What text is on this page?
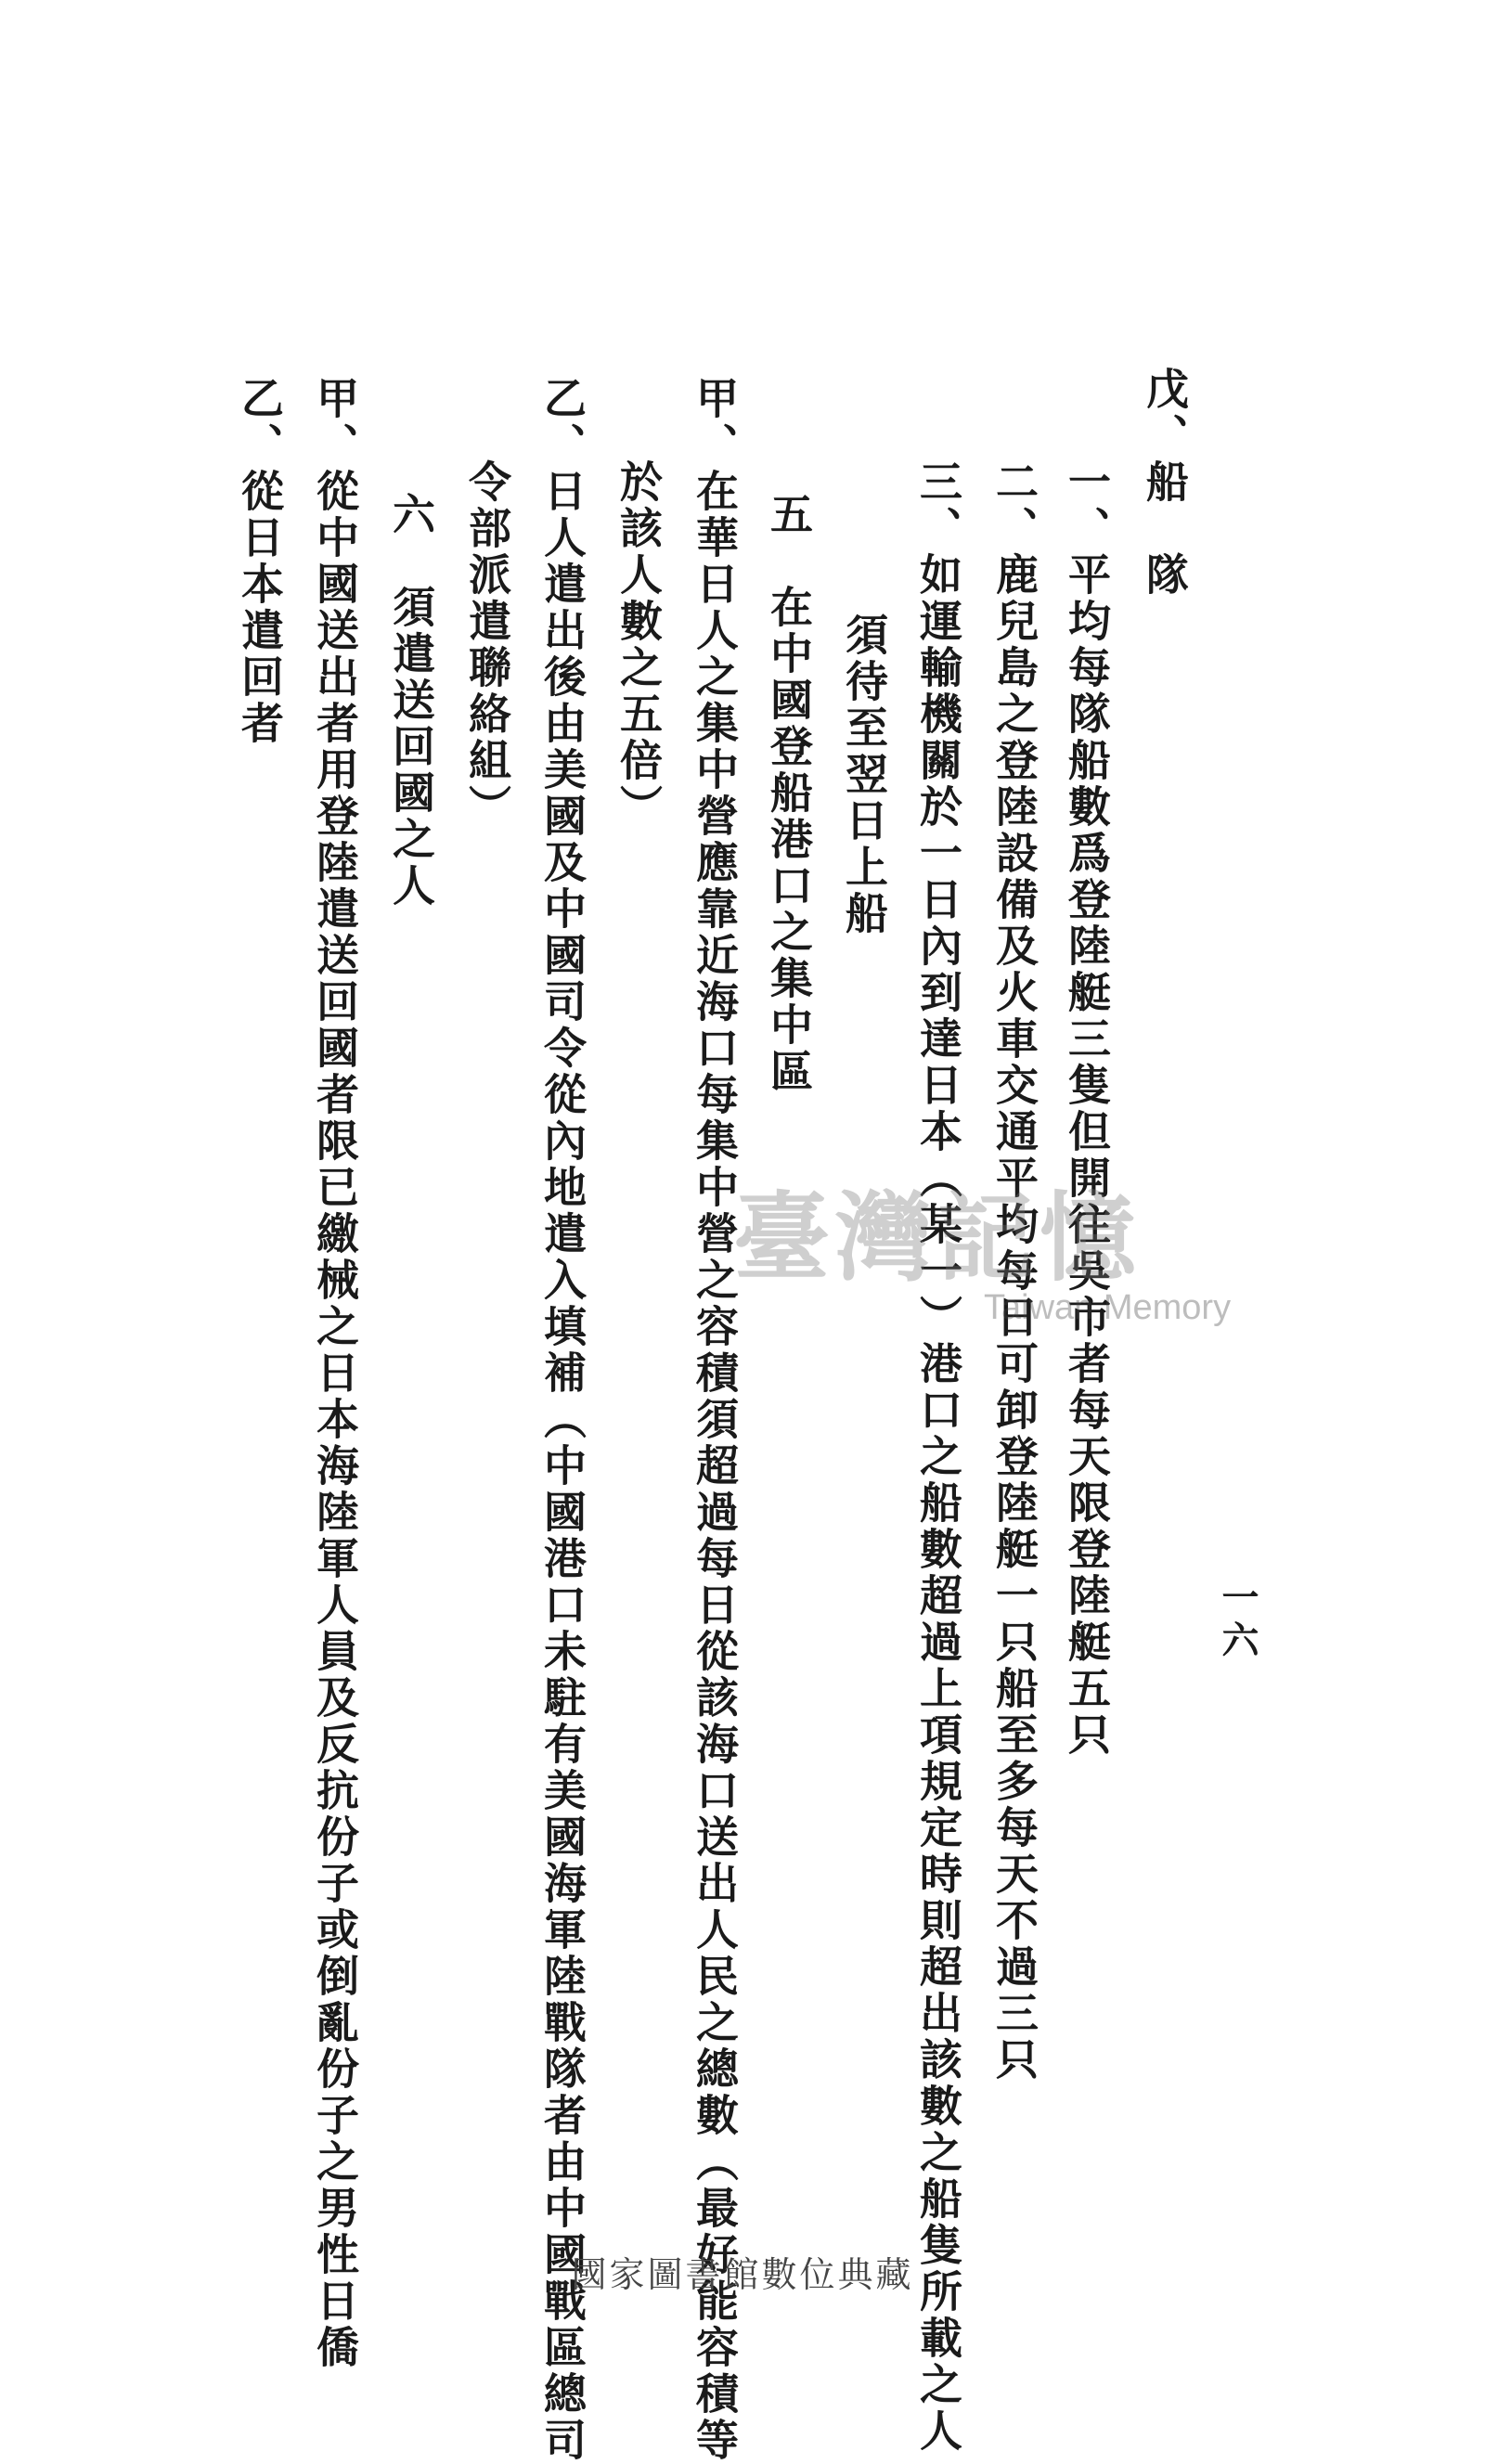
一六
戊、船　隊
一、平均每隊船數爲登陸艇三隻但開往吳市者每天限登陸艇五只
二、鹿兒島之登陸設備及火車交通平均每日可卸登陸艇一只船至多每天不過三只
三、如運輸機關於一日內到達日本（某一）港口之船數超過上項規定時則超出該數之船隻所載之人
須待至翌日上船
五　在中國登船港口之集中區
甲、在華日人之集中營應靠近海口每集中營之容積須超過每日從該海口送出人民之總數（最好能容積等
於該人數之五倍）
乙、日人遣出後由美國及中國司令從內地遣入填補（中國港口未駐有美國海軍陸戰隊者由中國戰區總司
令部派遣聯絡組）
六　須遣送回國之人
甲、從中國送出者用登陸遣送回國者限已繳械之日本海陸軍人員及反抗份子或倒亂份子之男性日僑
乙、從日本遣回者
臺灣記憶
Taiwan Memory
國家圖書館數位典藏
